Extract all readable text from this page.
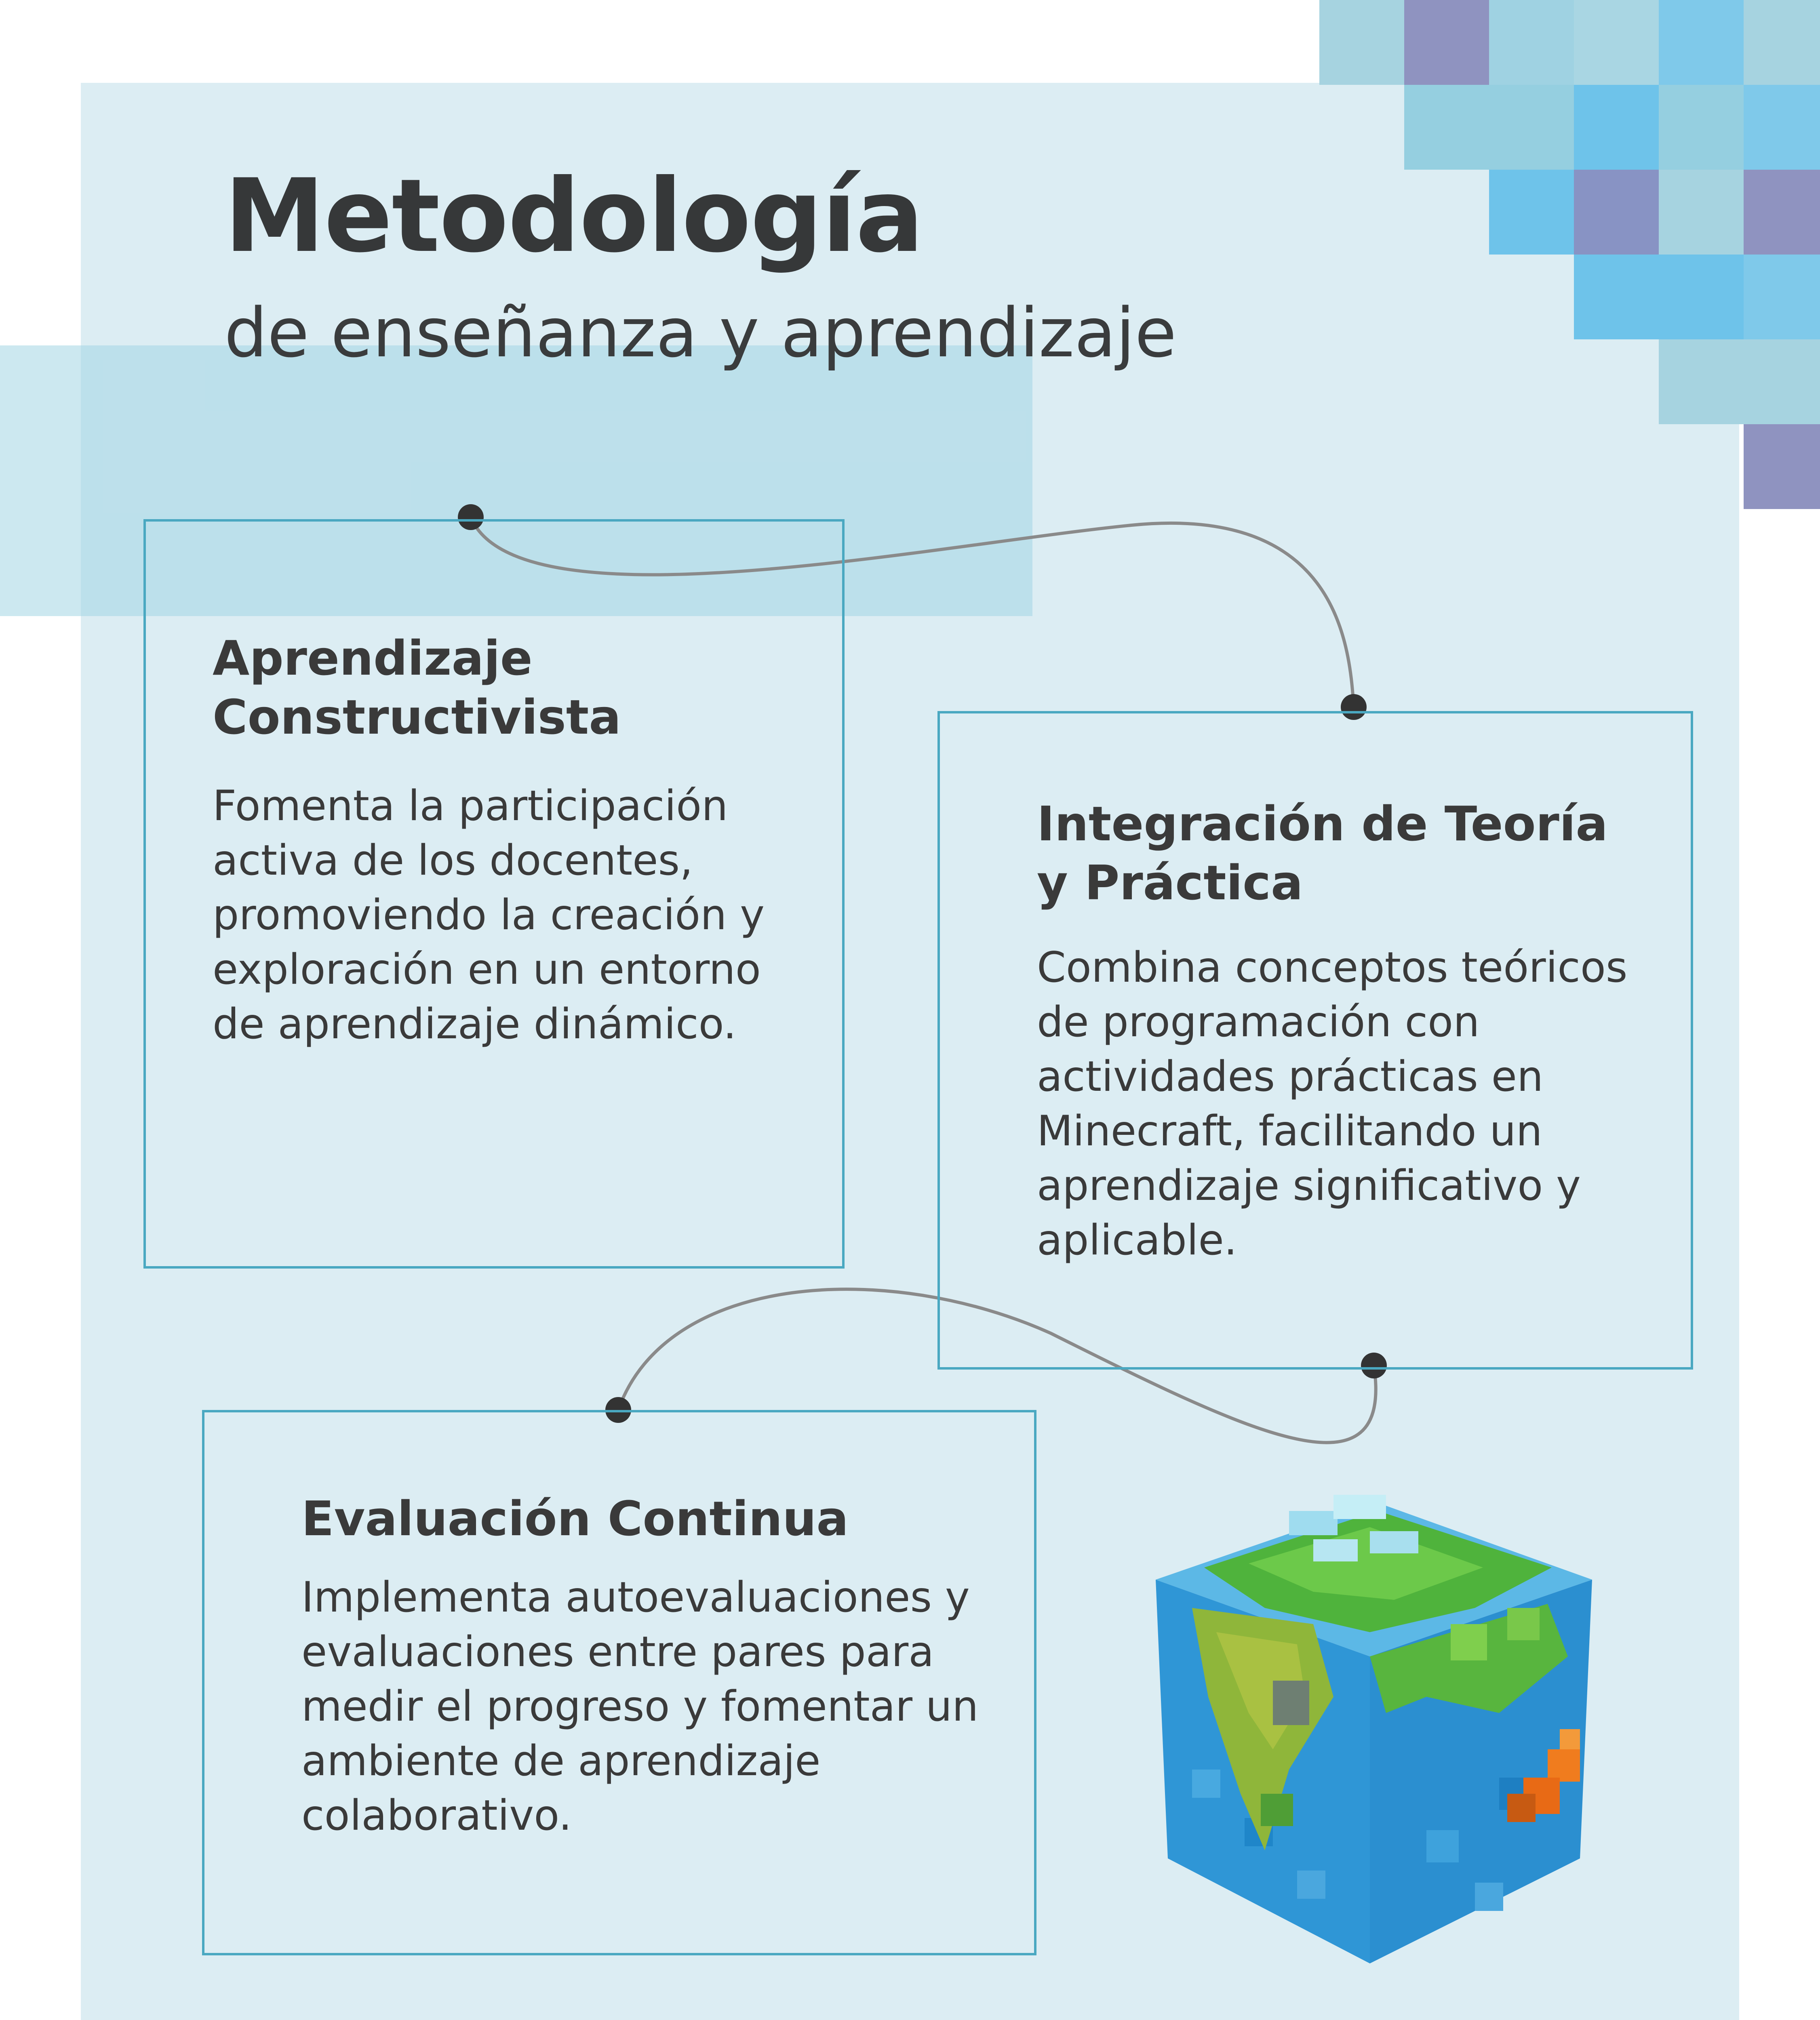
Metodología
de enseñanza y aprendizaje
Aprendizaje Constructivista

Fomenta la participación activa de los docentes, promoviendo la creación y exploración en un entorno de aprendizaje dinámico.

Integración de Teoría y Práctica

Combina conceptos teóricos de programación con actividades prácticas en Minecraft, facilitando un aprendizaje significativo y aplicable.

Evaluación Continua

Implementa autoevaluaciones y evaluaciones entre pares para medir el progreso y fomentar un ambiente de aprendizaje colaborativo.
